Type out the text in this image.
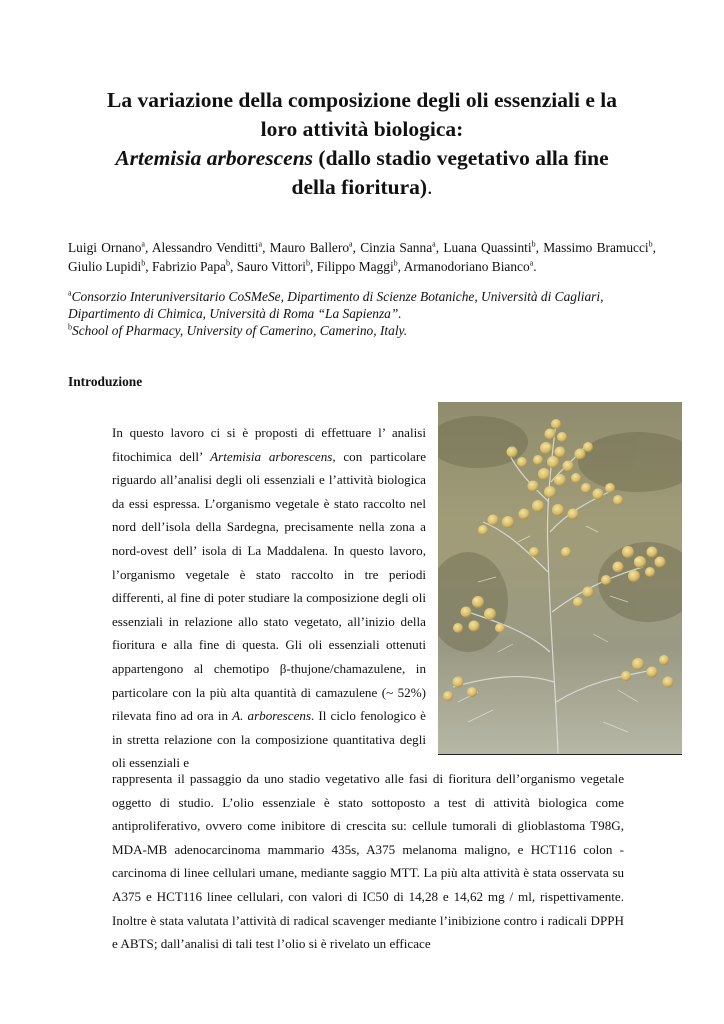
La variazione della composizione degli oli essenziali e la
loro attività biologica:
Artemisia arborescens (dallo stadio vegetativo alla fine
della fioritura).
Luigi Ornano$^a$, Alessandro Venditti$^a$, Mauro Ballero$^a$, Cinzia Sanna$^a$, Luana Quassinti$^b$, Massimo Bramucci$^b$, Giulio Lupidi$^b$, Fabrizio Papa$^b$, Sauro Vittori$^b$, Filippo Maggi$^b$, Armanodoriano Bianco$^a$.
$^a$Consorzio Interuniversitario CoSMeSe, Dipartimento di Scienze Botaniche, Università di Cagliari,
Dipartimento di Chimica, Università di Roma “La Sapienza”.
$^b$School of Pharmacy, University of Camerino, Camerino, Italy.
Introduzione

In questo lavoro ci si è proposti di effettuare l’ analisi fitochimica dell’ Artemisia arborescens, con particolare riguardo all’analisi degli oli essenziali e l’attività biologica da essi espressa. L’organismo vegetale è stato raccolto nel nord dell’isola della Sardegna, precisamente nella zona a nord-ovest dell’ isola di La Maddalena. In questo lavoro, l’organismo vegetale è stato raccolto in tre periodi differenti, al fine di poter studiare la composizione degli oli essenziali in relazione allo stato vegetato, all’inizio della fioritura e alla fine di questa. Gli oli essenziali ottenuti appartengono al chemotipo β-thujone/chamazulene, in particolare con la più alta quantità di camazulene (~ 52%) rilevata fino ad ora in A. arborescens. Il ciclo fenologico è in stretta relazione con la composizione quantitativa degli oli essenziali e

rappresenta il passaggio da uno stadio vegetativo alle fasi di fioritura dell’organismo vegetale oggetto di studio. L’olio essenziale è stato sottoposto a test di attività biologica come antiproliferativo, ovvero come inibitore di crescita su: cellule tumorali di glioblastoma T98G, MDA-MB adenocarcinoma mammario 435s, A375 melanoma maligno, e HCT116 colon - carcinoma di linee cellulari umane, mediante saggio MTT. La più alta attività è stata osservata su A375 e HCT116 linee cellulari, con valori di IC50 di 14,28 e 14,62 mg / ml, rispettivamente. Inoltre è stata valutata l’attività di radical scavenger mediante l’inibizione contro i radicali DPPH e ABTS; dall’analisi di tali test l’olio si è rivelato un efficace
